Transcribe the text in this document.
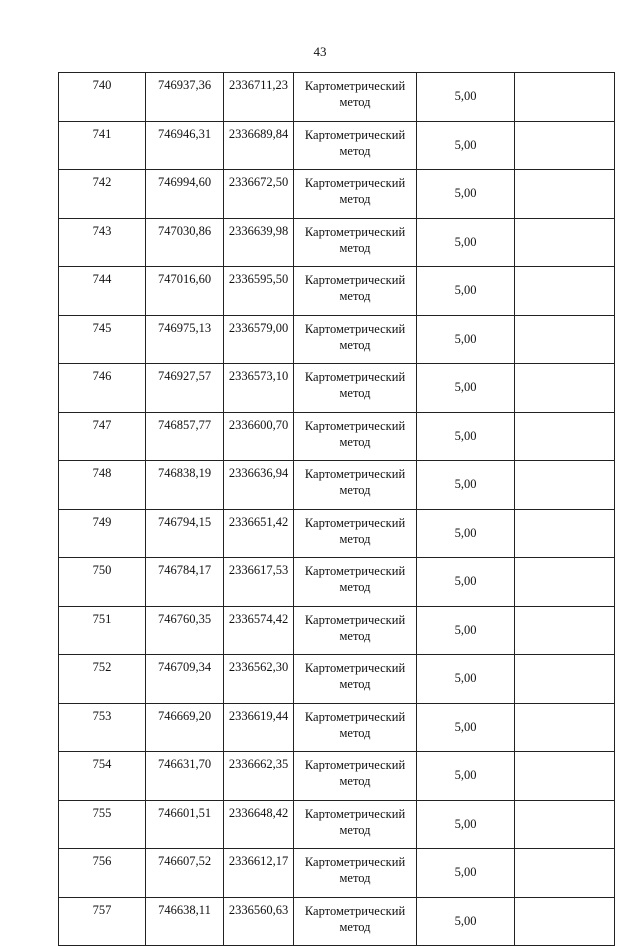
43
740	746937,36	2336711,23	Картометрический
метод	5,00	
741	746946,31	2336689,84	Картометрический
метод	5,00	
742	746994,60	2336672,50	Картометрический
метод	5,00	
743	747030,86	2336639,98	Картометрический
метод	5,00	
744	747016,60	2336595,50	Картометрический
метод	5,00	
745	746975,13	2336579,00	Картометрический
метод	5,00	
746	746927,57	2336573,10	Картометрический
метод	5,00	
747	746857,77	2336600,70	Картометрический
метод	5,00	
748	746838,19	2336636,94	Картометрический
метод	5,00	
749	746794,15	2336651,42	Картометрический
метод	5,00	
750	746784,17	2336617,53	Картометрический
метод	5,00	
751	746760,35	2336574,42	Картометрический
метод	5,00	
752	746709,34	2336562,30	Картометрический
метод	5,00	
753	746669,20	2336619,44	Картометрический
метод	5,00	
754	746631,70	2336662,35	Картометрический
метод	5,00	
755	746601,51	2336648,42	Картометрический
метод	5,00	
756	746607,52	2336612,17	Картометрический
метод	5,00	
757	746638,11	2336560,63	Картометрический
метод	5,00	
